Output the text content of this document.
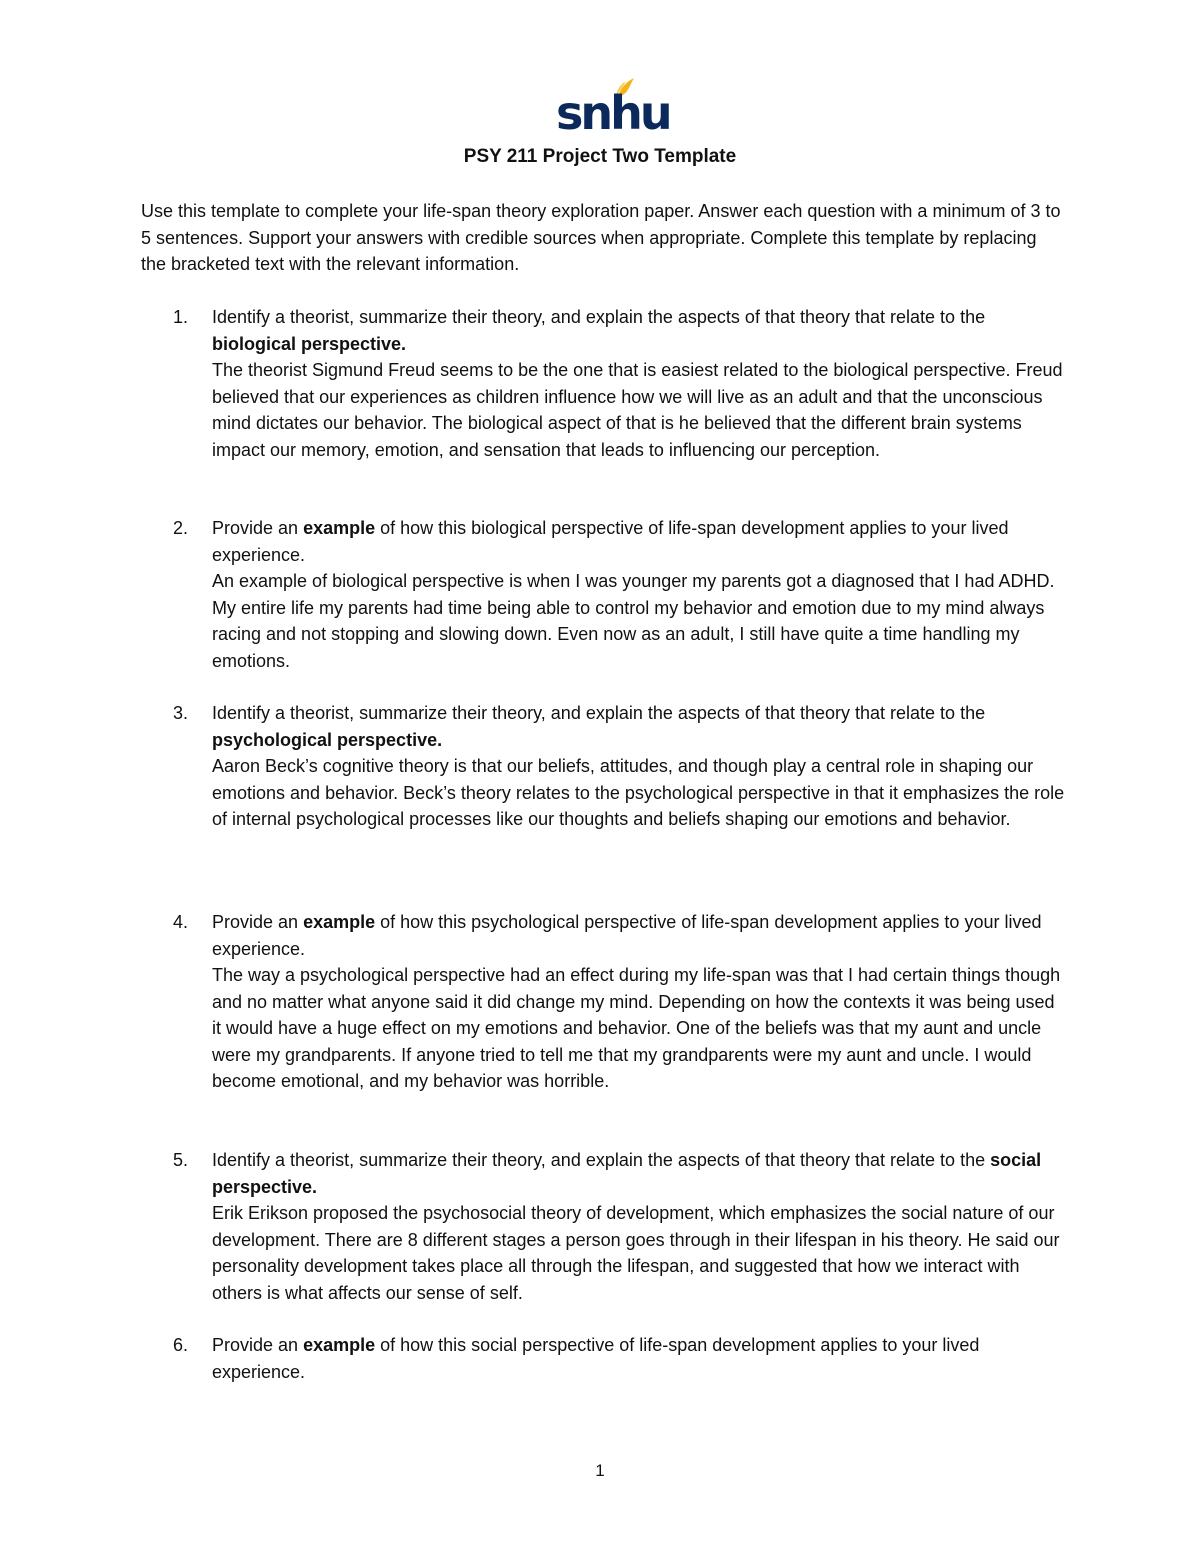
snhu
PSY 211 Project Two Template
Use this template to complete your life-span theory exploration paper. Answer each question with a minimum of 3 to 5 sentences. Support your answers with credible sources when appropriate. Complete this template by replacing the bracketed text with the relevant information.
1.	Identify a theorist, summarize their theory, and explain the aspects of that theory that relate to the biological perspective.
The theorist Sigmund Freud seems to be the one that is easiest related to the biological perspective. Freud believed that our experiences as children influence how we will live as an adult and that the unconscious mind dictates our behavior. The biological aspect of that is he believed that the different brain systems impact our memory, emotion, and sensation that leads to influencing our perception.
2.	Provide an example of how this biological perspective of life-span development applies to your lived experience.
An example of biological perspective is when I was younger my parents got a diagnosed that I had ADHD. My entire life my parents had time being able to control my behavior and emotion due to my mind always racing and not stopping and slowing down. Even now as an adult, I still have quite a time handling my emotions.
3.	Identify a theorist, summarize their theory, and explain the aspects of that theory that relate to the psychological perspective.
Aaron Beck’s cognitive theory is that our beliefs, attitudes, and though play a central role in shaping our emotions and behavior. Beck’s theory relates to the psychological perspective in that it emphasizes the role of internal psychological processes like our thoughts and beliefs shaping our emotions and behavior.
4.	Provide an example of how this psychological perspective of life-span development applies to your lived experience.
The way a psychological perspective had an effect during my life-span was that I had certain things though and no matter what anyone said it did change my mind. Depending on how the contexts it was being used it would have a huge effect on my emotions and behavior. One of the beliefs was that my aunt and uncle were my grandparents. If anyone tried to tell me that my grandparents were my aunt and uncle. I would become emotional, and my behavior was horrible.
5.	Identify a theorist, summarize their theory, and explain the aspects of that theory that relate to the social perspective.
Erik Erikson proposed the psychosocial theory of development, which emphasizes the social nature of our development. There are 8 different stages a person goes through in their lifespan in his theory. He said our personality development takes place all through the lifespan, and suggested that how we interact with others is what affects our sense of self.
6.	Provide an example of how this social perspective of life-span development applies to your lived experience.
1
